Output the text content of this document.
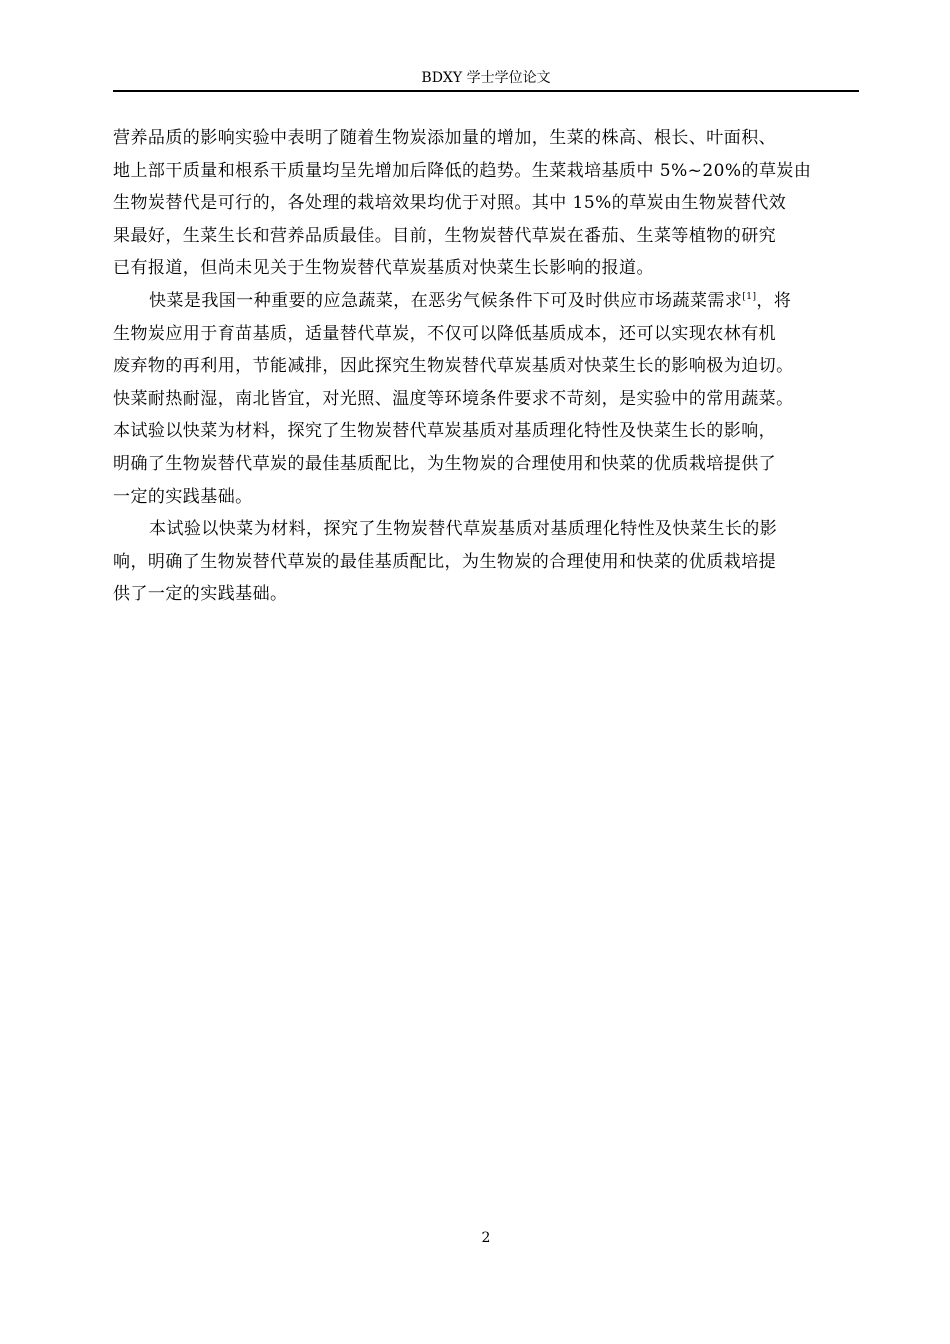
BDXY 学士学位论文
营养品质的影响实验中表明了随着生物炭添加量的增加，生菜的株高、根长、叶面积、
地上部干质量和根系干质量均呈先增加后降低的趋势。生菜栽培基质中 5%~20%的草炭由
生物炭替代是可行的，各处理的栽培效果均优于对照。其中 15%的草炭由生物炭替代效
果最好，生菜生长和营养品质最佳。目前，生物炭替代草炭在番茄、生菜等植物的研究
已有报道，但尚未见关于生物炭替代草炭基质对快菜生长影响的报道。
快菜是我国一种重要的应急蔬菜，在恶劣气候条件下可及时供应市场蔬菜需求[1]，将
生物炭应用于育苗基质，适量替代草炭，不仅可以降低基质成本，还可以实现农林有机
废弃物的再利用，节能减排，因此探究生物炭替代草炭基质对快菜生长的影响极为迫切。
快菜耐热耐湿，南北皆宜，对光照、温度等环境条件要求不苛刻，是实验中的常用蔬菜。
本试验以快菜为材料，探究了生物炭替代草炭基质对基质理化特性及快菜生长的影响，
明确了生物炭替代草炭的最佳基质配比，为生物炭的合理使用和快菜的优质栽培提供了
一定的实践基础。
本试验以快菜为材料，探究了生物炭替代草炭基质对基质理化特性及快菜生长的影
响，明确了生物炭替代草炭的最佳基质配比，为生物炭的合理使用和快菜的优质栽培提
供了一定的实践基础。
2
